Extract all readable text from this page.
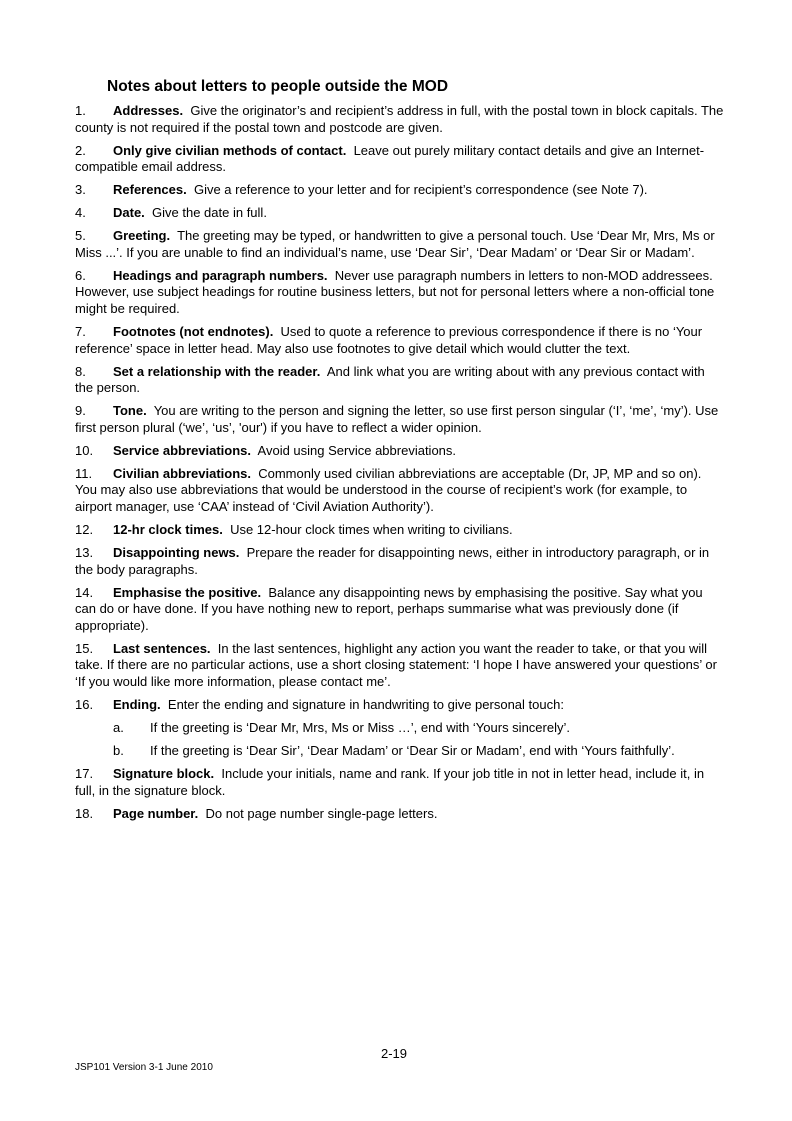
Notes about letters to people outside the MOD

1. Addresses. Give the originator’s and recipient’s address in full, with the postal town in block capitals. The county is not required if the postal town and postcode are given.

2. Only give civilian methods of contact. Leave out purely military contact details and give an Internet-compatible email address.

3. References. Give a reference to your letter and for recipient’s correspondence (see Note 7).

4. Date. Give the date in full.

5. Greeting. The greeting may be typed, or handwritten to give a personal touch. Use ‘Dear Mr, Mrs, Ms or Miss ...’. If you are unable to find an individual’s name, use ‘Dear Sir’, ‘Dear Madam’ or ‘Dear Sir or Madam’.

6. Headings and paragraph numbers. Never use paragraph numbers in letters to non-MOD addressees. However, use subject headings for routine business letters, but not for personal letters where a non-official tone might be required.

7. Footnotes (not endnotes). Used to quote a reference to previous correspondence if there is no ‘Your reference’ space in letter head. May also use footnotes to give detail which would clutter the text.

8. Set a relationship with the reader. And link what you are writing about with any previous contact with the person.

9. Tone. You are writing to the person and signing the letter, so use first person singular (‘I’, ‘me’, ‘my’). Use first person plural (‘we’, ‘us’, 'our') if you have to reflect a wider opinion.

10. Service abbreviations. Avoid using Service abbreviations.

11. Civilian abbreviations. Commonly used civilian abbreviations are acceptable (Dr, JP, MP and so on). You may also use abbreviations that would be understood in the course of recipient’s work (for example, to airport manager, use ‘CAA’ instead of ‘Civil Aviation Authority’).

12. 12-hr clock times. Use 12-hour clock times when writing to civilians.

13. Disappointing news. Prepare the reader for disappointing news, either in introductory paragraph, or in the body paragraphs.

14. Emphasise the positive. Balance any disappointing news by emphasising the positive. Say what you can do or have done. If you have nothing new to report, perhaps summarise what was previously done (if appropriate).

15. Last sentences. In the last sentences, highlight any action you want the reader to take, or that you will take. If there are no particular actions, use a short closing statement: ‘I hope I have answered your questions’ or ‘If you would like more information, please contact me’.

16. Ending. Enter the ending and signature in handwriting to give personal touch:

a. If the greeting is ‘Dear Mr, Mrs, Ms or Miss …’, end with ‘Yours sincerely’.

b. If the greeting is ‘Dear Sir’, ‘Dear Madam’ or ‘Dear Sir or Madam’, end with ‘Yours faithfully’.

17. Signature block. Include your initials, name and rank. If your job title in not in letter head, include it, in full, in the signature block.

18. Page number. Do not page number single-page letters.

2-19
JSP101 Version 3-1 June 2010
